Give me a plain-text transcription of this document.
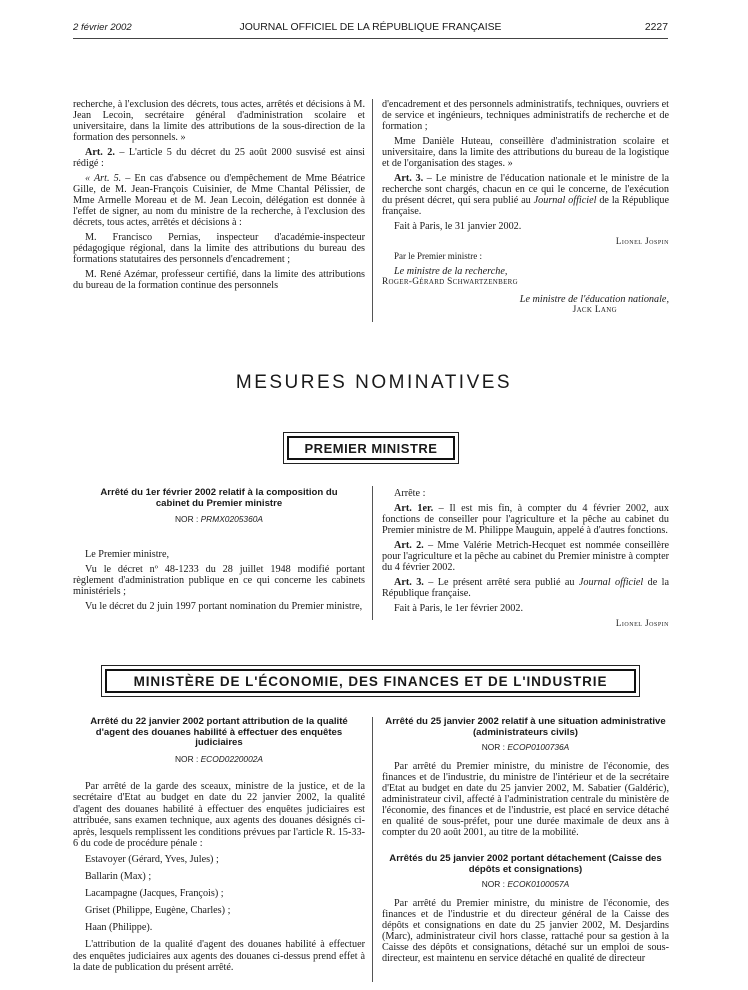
2 février 2002	JOURNAL OFFICIEL DE LA RÉPUBLIQUE FRANÇAISE	2227

recherche, à l'exclusion des décrets, tous actes, arrêtés et décisions à M. Jean Lecoin, secrétaire général d'administration scolaire et universitaire, dans la limite des attributions de la sous-direction de la formation des personnels. »

Art. 2. – L'article 5 du décret du 25 août 2000 susvisé est ainsi rédigé :

« Art. 5. – En cas d'absence ou d'empêchement de Mme Béatrice Gille, de M. Jean-François Cuisinier, de Mme Chantal Pélissier, de Mme Armelle Moreau et de M. Jean Lecoin, délégation est donnée à l'effet de signer, au nom du ministre de la recherche, à l'exclusion des décrets, tous actes, arrêtés et décisions à :

M. Francisco Pernias, inspecteur d'académie-inspecteur pédagogique régional, dans la limite des attributions du bureau des formations statutaires des personnels d'encadrement ;

M. René Azémar, professeur certifié, dans la limite des attributions du bureau de la formation continue des personnels

d'encadrement et des personnels administratifs, techniques, ouvriers et de service et ingénieurs, techniques administratifs de recherche et de formation ;

Mme Danièle Huteau, conseillère d'administration scolaire et universitaire, dans la limite des attributions du bureau de la logistique et de l'organisation des stages. »

Art. 3. – Le ministre de l'éducation nationale et le ministre de la recherche sont chargés, chacun en ce qui le concerne, de l'exécution du présent décret, qui sera publié au Journal officiel de la République française.

Fait à Paris, le 31 janvier 2002.

Lionel Jospin

Par le Premier ministre :

Le ministre de la recherche,

Roger-Gérard Schwartzenberg

Le ministre de l'éducation nationale,

Jack Lang

MESURES NOMINATIVES
PREMIER MINISTRE

Arrêté du 1er février 2002 relatif à la composition du cabinet du Premier ministre

NOR : PRMX0205360A

Le Premier ministre,

Vu le décret nº 48-1233 du 28 juillet 1948 modifié portant règlement d'administration publique en ce qui concerne les cabinets ministériels ;

Vu le décret du 2 juin 1997 portant nomination du Premier ministre,

Arrête :

Art. 1er. – Il est mis fin, à compter du 4 février 2002, aux fonctions de conseiller pour l'agriculture et la pêche au cabinet du Premier ministre de M. Philippe Mauguin, appelé à d'autres fonctions.

Art. 2. – Mme Valérie Metrich-Hecquet est nommée conseillère pour l'agriculture et la pêche au cabinet du Premier ministre à compter du 4 février 2002.

Art. 3. – Le présent arrêté sera publié au Journal officiel de la République française.

Fait à Paris, le 1er février 2002.

Lionel Jospin

MINISTÈRE DE L'ÉCONOMIE, DES FINANCES ET DE L'INDUSTRIE

Arrêté du 22 janvier 2002 portant attribution de la qualité d'agent des douanes habilité à effectuer des enquêtes judiciaires

NOR : ECOD0220002A

Par arrêté de la garde des sceaux, ministre de la justice, et de la secrétaire d'Etat au budget en date du 22 janvier 2002, la qualité d'agent des douanes habilité à effectuer des enquêtes judiciaires est attribuée, sans examen technique, aux agents des douanes désignés ci-après, lesquels remplissent les conditions prévues par l'article R. 15-33-6 du code de procédure pénale :

Estavoyer (Gérard, Yves, Jules) ;

Ballarin (Max) ;

Lacampagne (Jacques, François) ;

Griset (Philippe, Eugène, Charles) ;

Haan (Philippe).

L'attribution de la qualité d'agent des douanes habilité à effectuer des enquêtes judiciaires aux agents des douanes ci-dessus prend effet à la date de publication du présent arrêté.

Arrêté du 25 janvier 2002 relatif à une situation administrative (administrateurs civils)

NOR : ECOP0100736A

Par arrêté du Premier ministre, du ministre de l'économie, des finances et de l'industrie, du ministre de l'intérieur et de la secrétaire d'Etat au budget en date du 25 janvier 2002, M. Sabatier (Galdéric), administrateur civil, affecté à l'administration centrale du ministère de l'économie, des finances et de l'industrie, est placé en service détaché en qualité de sous-préfet, pour une durée maximale de deux ans à compter du 20 août 2001, au titre de la mobilité.

Arrêtés du 25 janvier 2002 portant détachement (Caisse des dépôts et consignations)

NOR : ECOK0100057A

Par arrêté du Premier ministre, du ministre de l'économie, des finances et de l'industrie et du directeur général de la Caisse des dépôts et consignations en date du 25 janvier 2002, M. Desjardins (Marc), administrateur civil hors classe, rattaché pour sa gestion à la Caisse des dépôts et consignations, détaché sur un emploi de sous-directeur, est maintenu en service détaché en qualité de directeur
